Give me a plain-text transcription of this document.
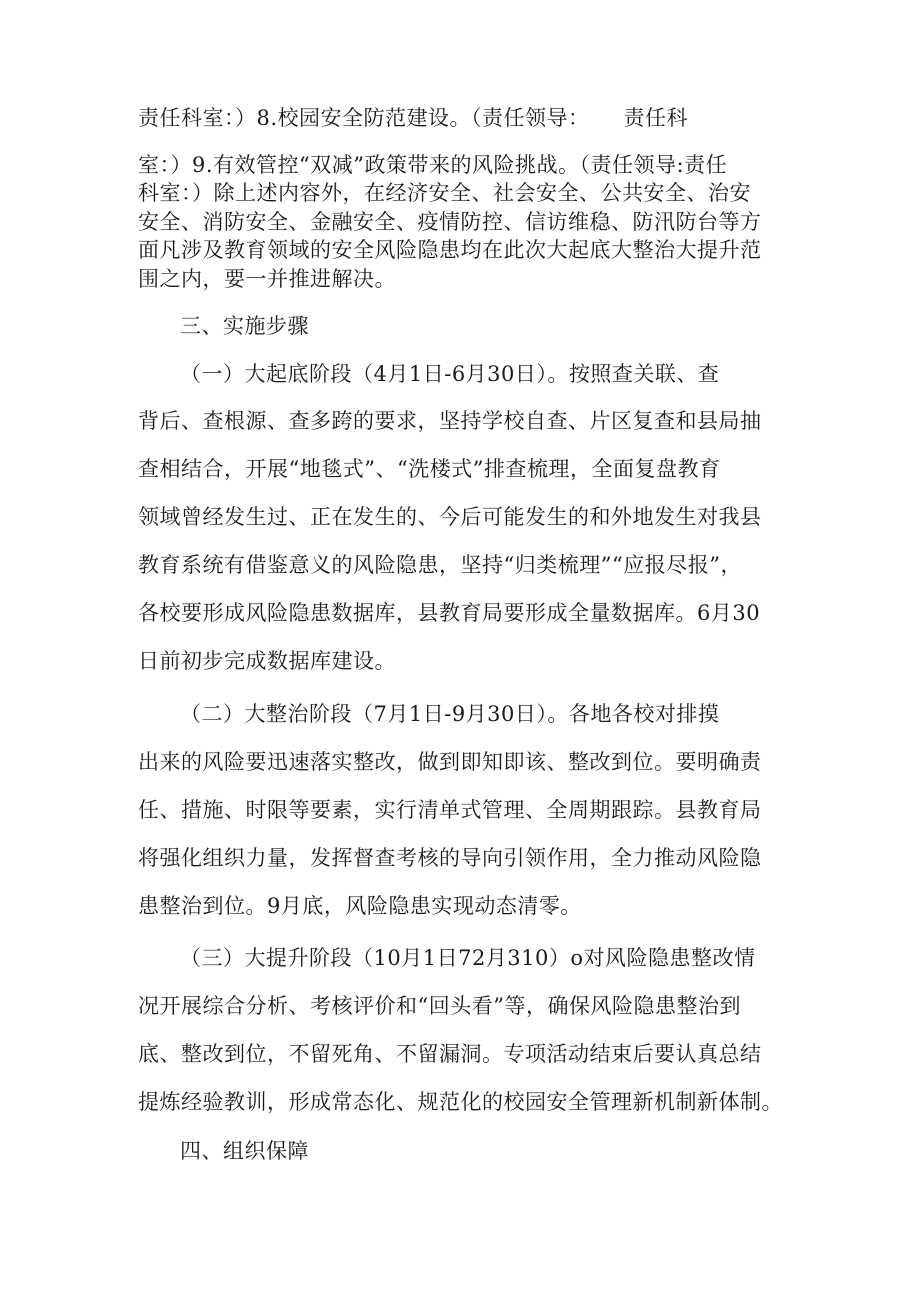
责任科室：）8.校园安全防范建设。（责任领导： 责任科
室：）9.有效管控“双减”政策带来的风险挑战。（责任领导:责任
科室：）除上述内容外，在经济安全、社会安全、公共安全、治安
安全、消防安全、金融安全、疫情防控、信访维稳、防汛防台等方
面凡涉及教育领域的安全风险隐患均在此次大起底大整治大提升范
围之内，要一并推进解决。
三、实施步骤
（一）大起底阶段（4月1日-6月30日）。按照查关联、查
背后、查根源、查多跨的要求，坚持学校自查、片区复查和县局抽
查相结合，开展“地毯式”、“洗楼式”排查梳理，全面复盘教育
领域曾经发生过、正在发生的、今后可能发生的和外地发生对我县
教育系统有借鉴意义的风险隐患，坚持“归类梳理”“应报尽报”，
各校要形成风险隐患数据库，县教育局要形成全量数据库。6月30
日前初步完成数据库建设。
（二）大整治阶段（7月1日-9月30日）。各地各校对排摸
出来的风险要迅速落实整改，做到即知即该、整改到位。要明确责
任、措施、时限等要素，实行清单式管理、全周期跟踪。县教育局
将强化组织力量，发挥督查考核的导向引领作用，全力推动风险隐
患整治到位。9月底，风险隐患实现动态清零。
（三）大提升阶段（10月1日72月310）o对风险隐患整改情
况开展综合分析、考核评价和“回头看”等，确保风险隐患整治到
底、整改到位，不留死角、不留漏洞。专项活动结束后要认真总结
提炼经验教训，形成常态化、规范化的校园安全管理新机制新体制。
四、组织保障
